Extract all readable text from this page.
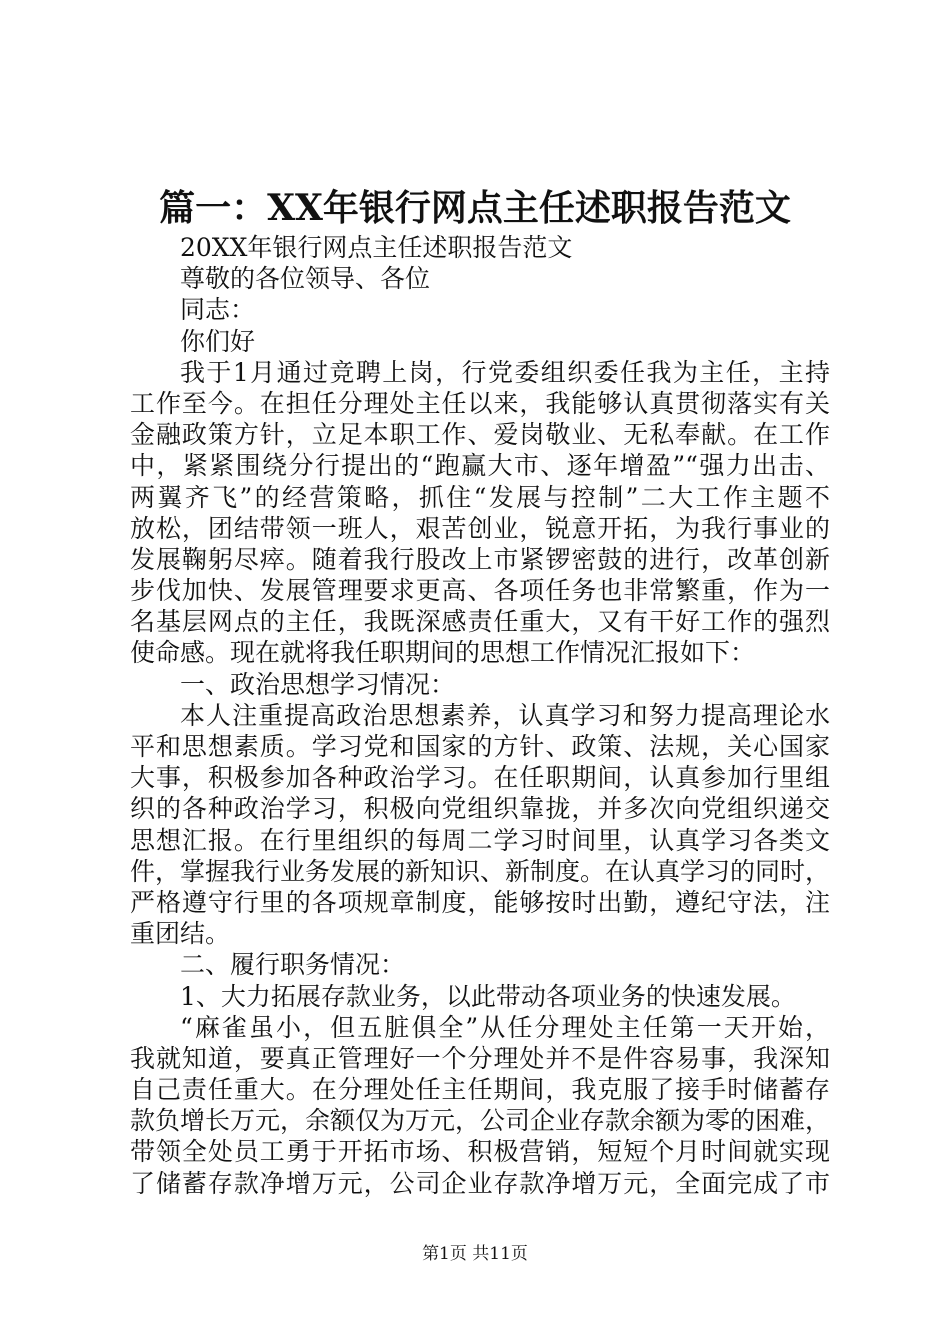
篇一：XX年银行网点主任述职报告范文
20XX年银行网点主任述职报告范文
尊敬的各位领导、各位
同志：
你们好
我于1月通过竞聘上岗，行党委组织委任我为主任，主持
工作至今。在担任分理处主任以来，我能够认真贯彻落实有关
金融政策方针，立足本职工作、爱岗敬业、无私奉献。在工作
中，紧紧围绕分行提出的“跑赢大市、逐年增盈”“强力出击、
两翼齐飞”的经营策略，抓住“发展与控制”二大工作主题不
放松，团结带领一班人，艰苦创业，锐意开拓，为我行事业的
发展鞠躬尽瘁。随着我行股改上市紧锣密鼓的进行，改革创新
步伐加快、发展管理要求更高、各项任务也非常繁重，作为一
名基层网点的主任，我既深感责任重大，又有干好工作的强烈
使命感。现在就将我任职期间的思想工作情况汇报如下：
一、政治思想学习情况：
本人注重提高政治思想素养，认真学习和努力提高理论水
平和思想素质。学习党和国家的方针、政策、法规，关心国家
大事，积极参加各种政治学习。在任职期间，认真参加行里组
织的各种政治学习，积极向党组织靠拢，并多次向党组织递交
思想汇报。在行里组织的每周二学习时间里，认真学习各类文
件，掌握我行业务发展的新知识、新制度。在认真学习的同时，
严格遵守行里的各项规章制度，能够按时出勤，遵纪守法，注
重团结。
二、履行职务情况：
1、大力拓展存款业务，以此带动各项业务的快速发展。
“麻雀虽小，但五脏俱全”从任分理处主任第一天开始，
我就知道，要真正管理好一个分理处并不是件容易事，我深知
自己责任重大。在分理处任主任期间，我克服了接手时储蓄存
款负增长万元，余额仅为万元，公司企业存款余额为零的困难，
带领全处员工勇于开拓市场、积极营销，短短个月时间就实现
了储蓄存款净增万元，公司企业存款净增万元，全面完成了市
第1页 共11页
